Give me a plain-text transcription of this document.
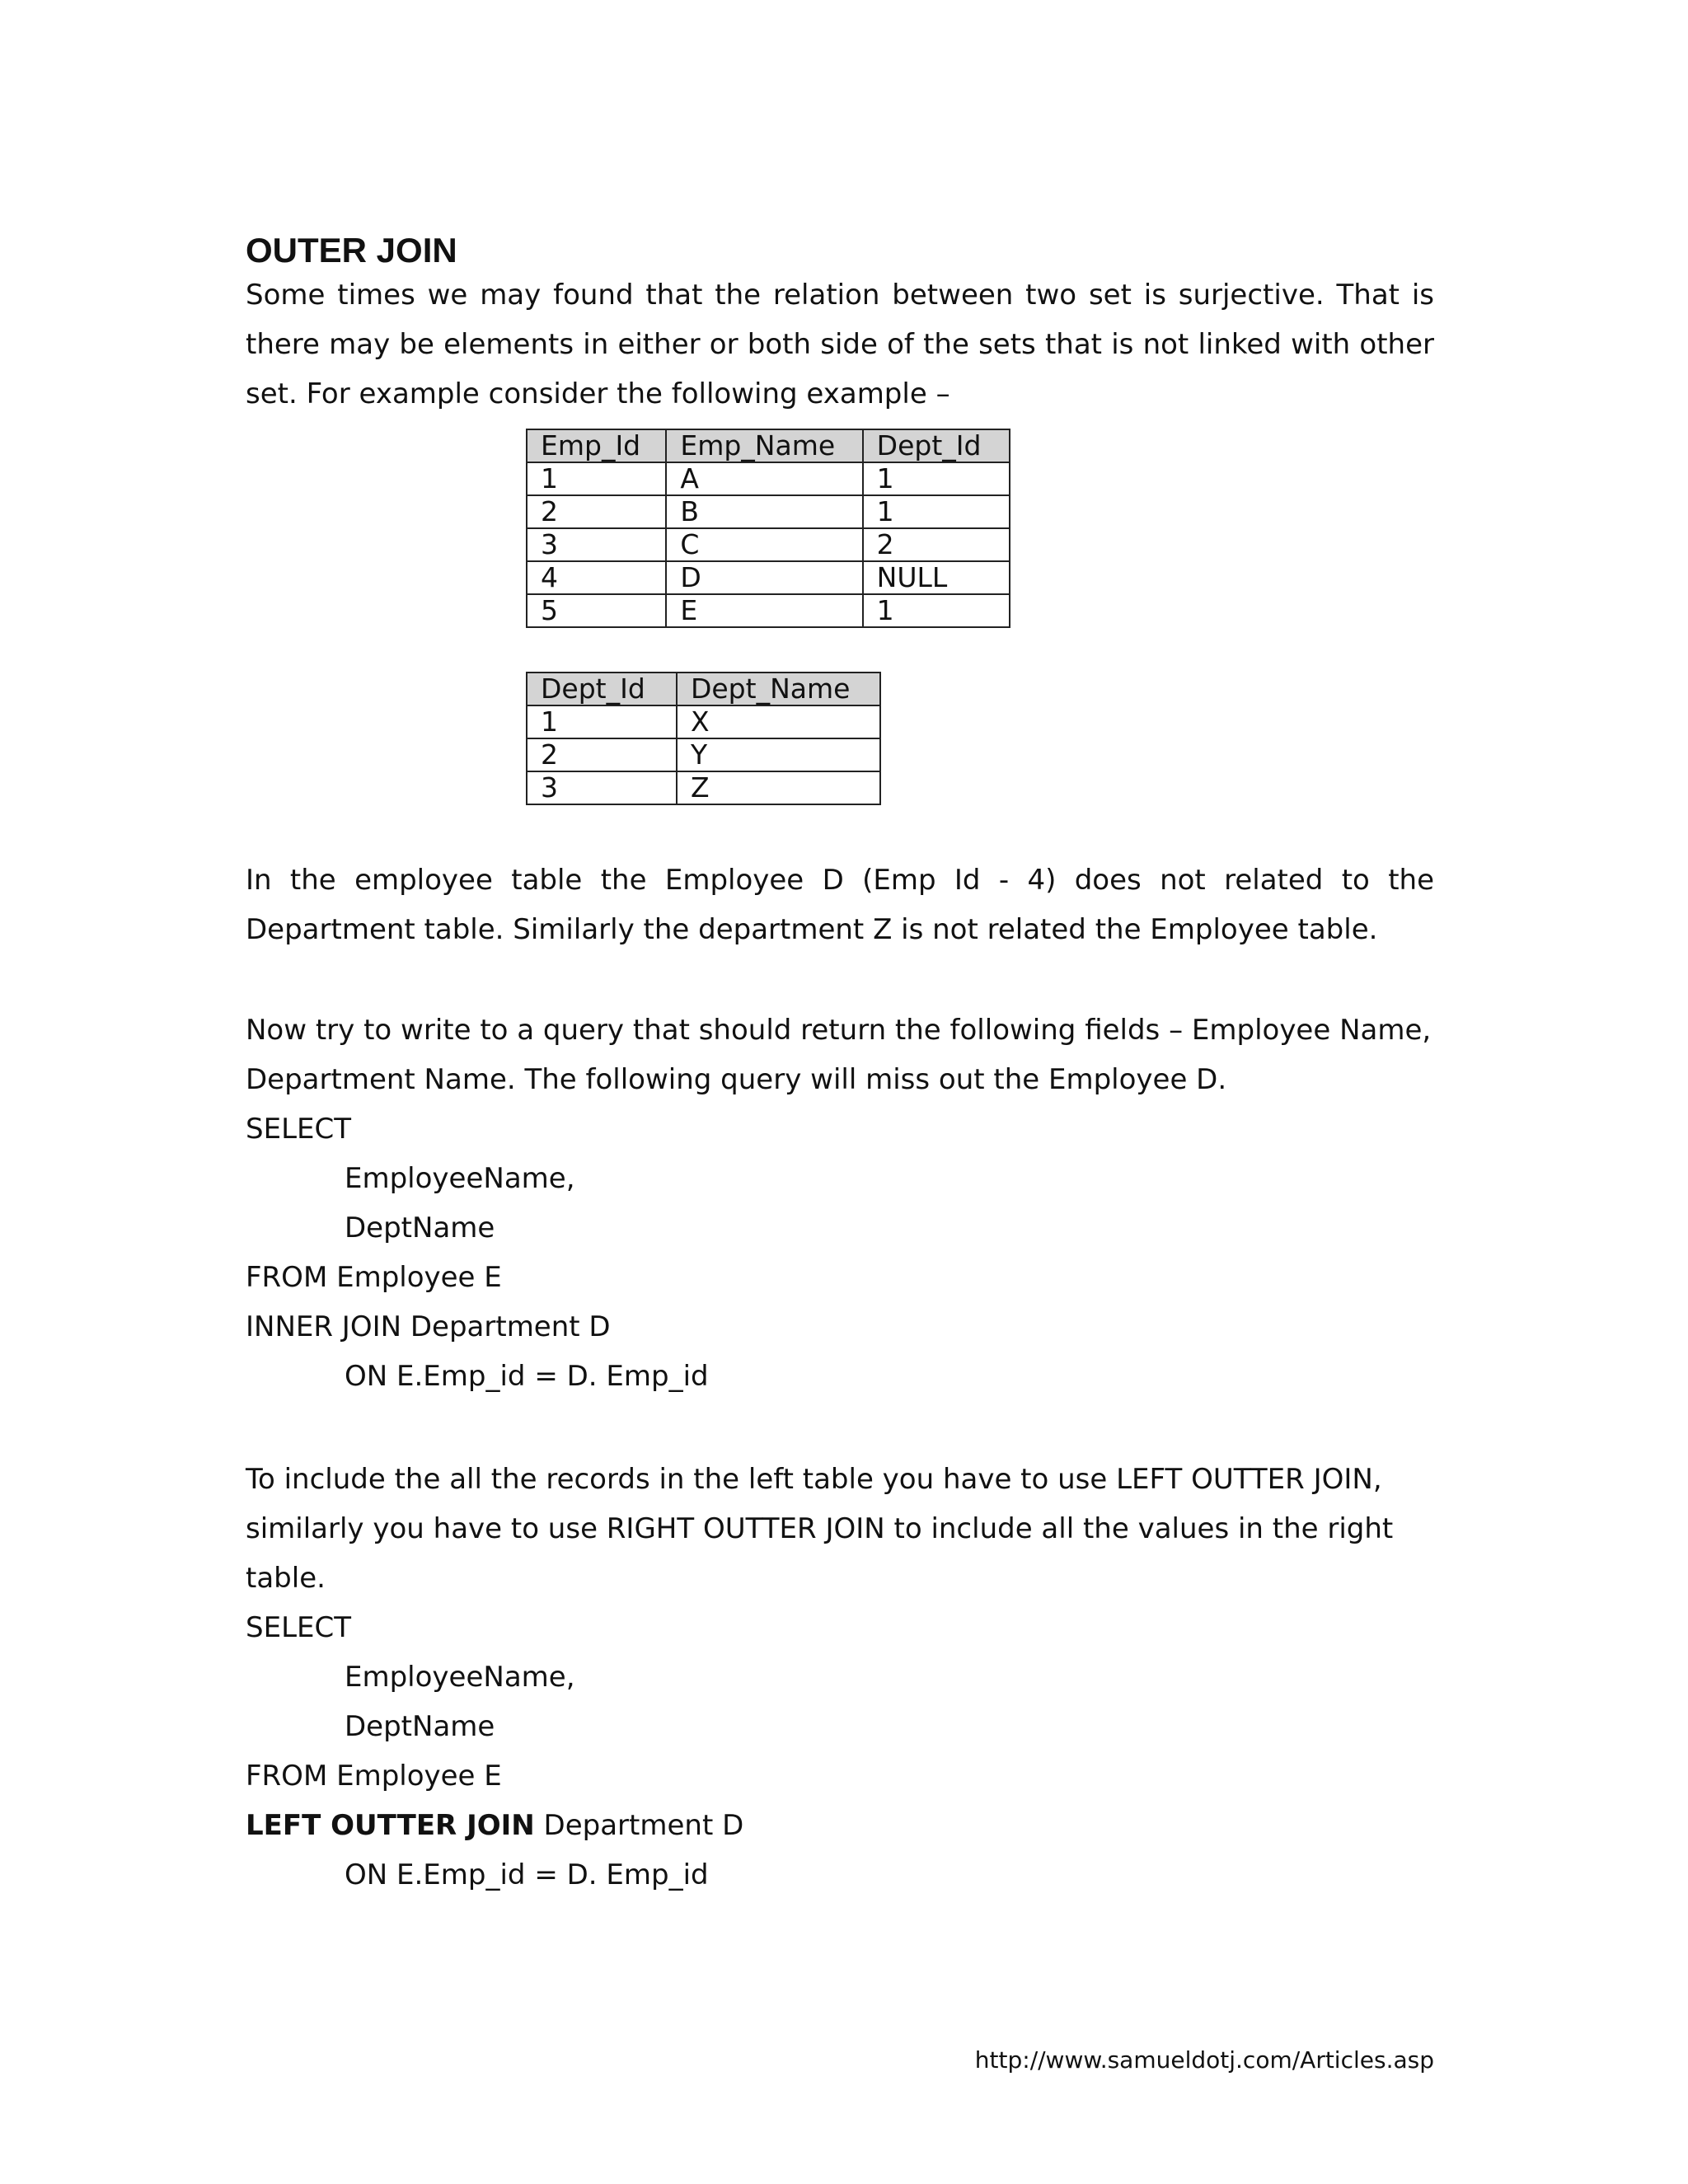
OUTER JOIN

Some times we may found that the relation between two set is surjective. That is there may be elements in either or both side of the sets that is not linked with other set. For example consider the following example –

Emp_Id	Emp_Name	Dept_Id
1	A	1
2	B	1
3	C	2
4	D	NULL
5	E	1
Dept_Id	Dept_Name
1	X
2	Y
3	Z

In the employee table the Employee D (Emp Id - 4) does not related to the Department table. Similarly the department Z is not related the Employee table.

Now try to write to a query that should return the following fields – Employee Name, Department Name. The following query will miss out the Employee D.

SELECT
EmployeeName,
DeptName
FROM Employee E
INNER JOIN Department D
ON E.Emp_id = D. Emp_id

To include the all the records in the left table you have to use LEFT OUTTER JOIN, similarly you have to use RIGHT OUTTER JOIN to include all the values in the right table.

SELECT
EmployeeName,
DeptName
FROM Employee E
LEFT OUTTER JOIN Department D
ON E.Emp_id = D. Emp_id

http://www.samueldotj.com/Articles.asp
